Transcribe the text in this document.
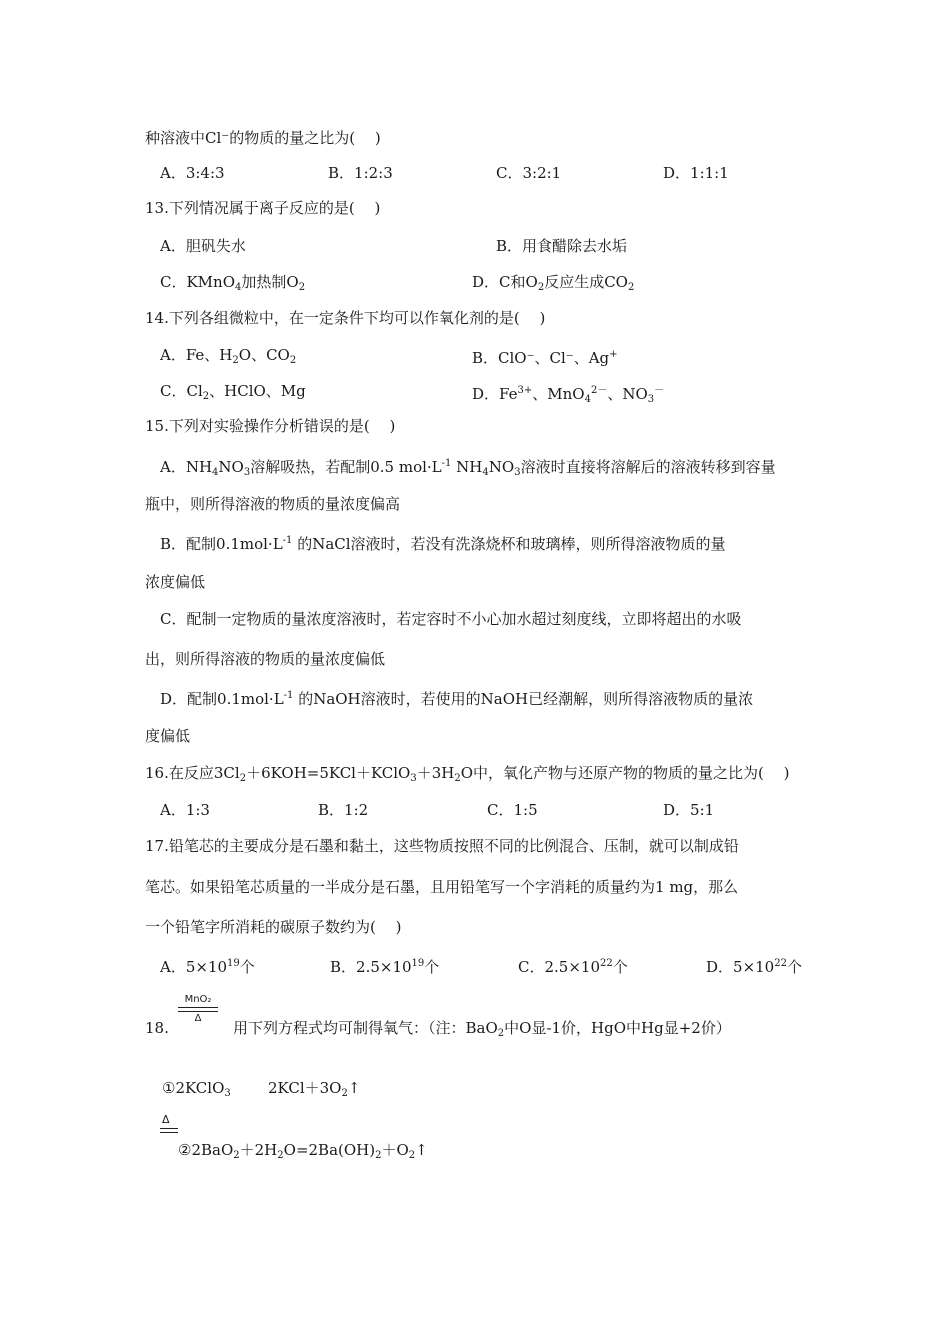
种溶液中Cl⁻的物质的量之比为(　 )
A．3:4:3	B．1:2:3	C．3:2:1	D．1:1:1
13.下列情况属于离子反应的是(　 )
A．胆矾失水	B．用食醋除去水垢
C．KMnO$_4$加热制$O_2$	D．C和$O_2$反应生成$CO_2$
14.下列各组微粒中，在一定条件下均可以作氧化剂的是(　 )
A．Fe、$H_2O$、$CO_2$	B．ClO⁻、Cl⁻、Ag+
C．$Cl_2$、HClO、Mg	D．$Fe^{3+}$、MnO$_4^{2-}$、$NO_3^-$
15.下列对实验操作分析错误的是(　 )
A．$NH_4NO_3$溶解吸热，若配制0.5 $mol\cdot L^{-1}$ $NH_4NO_3$溶液时直接将溶解后的溶液转移到容量
瓶中，则所得溶液的物质的量浓度偏高
B．配制$0.1mol\cdot L^{-1}$ 的NaCl溶液时，若没有洗涤烧杯和玻璃棒，则所得溶液物质的量
浓度偏低
C．配制一定物质的量浓度溶液时，若定容时不小心加水超过刻度线，立即将超出的水吸
出，则所得溶液的物质的量浓度偏低
D．配制$0.1mol\cdot L^{-1}$ 的NaOH溶液时，若使用的NaOH已经潮解，则所得溶液物质的量浓
度偏低
16.在反应$3Cl_2+6KOH=5KCl+KClO_3+3H_2O$中，氧化产物与还原产物的物质的量之比为(　 )
A．1:3	B．1:2	C．1:5	D．5:1
17.铅笔芯的主要成分是石墨和黏土，这些物质按照不同的比例混合、压制，就可以制成铅
笔芯。如果铅笔芯质量的一半成分是石墨，且用铅笔写一个字消耗的质量约为1 mg，那么
一个铅笔字所消耗的碳原子数约为(　 )
A．$5\times 10^{19}$个	B．$2.5\times 10^{19}$个	C．$2.5\times 10^{22}$个	D．$5\times 10^{22}$个
18.
MnO₂
Δ
用下列方程式均可制得氧气：（注：BaO$_2$中O显-1价，HgO中Hg显+2价）
①2KClO$_3$ $2KCl+3O_2↑$
Δ
$②2BaO_2+2H_2O=2Ba(OH)_2+O_2↑$
